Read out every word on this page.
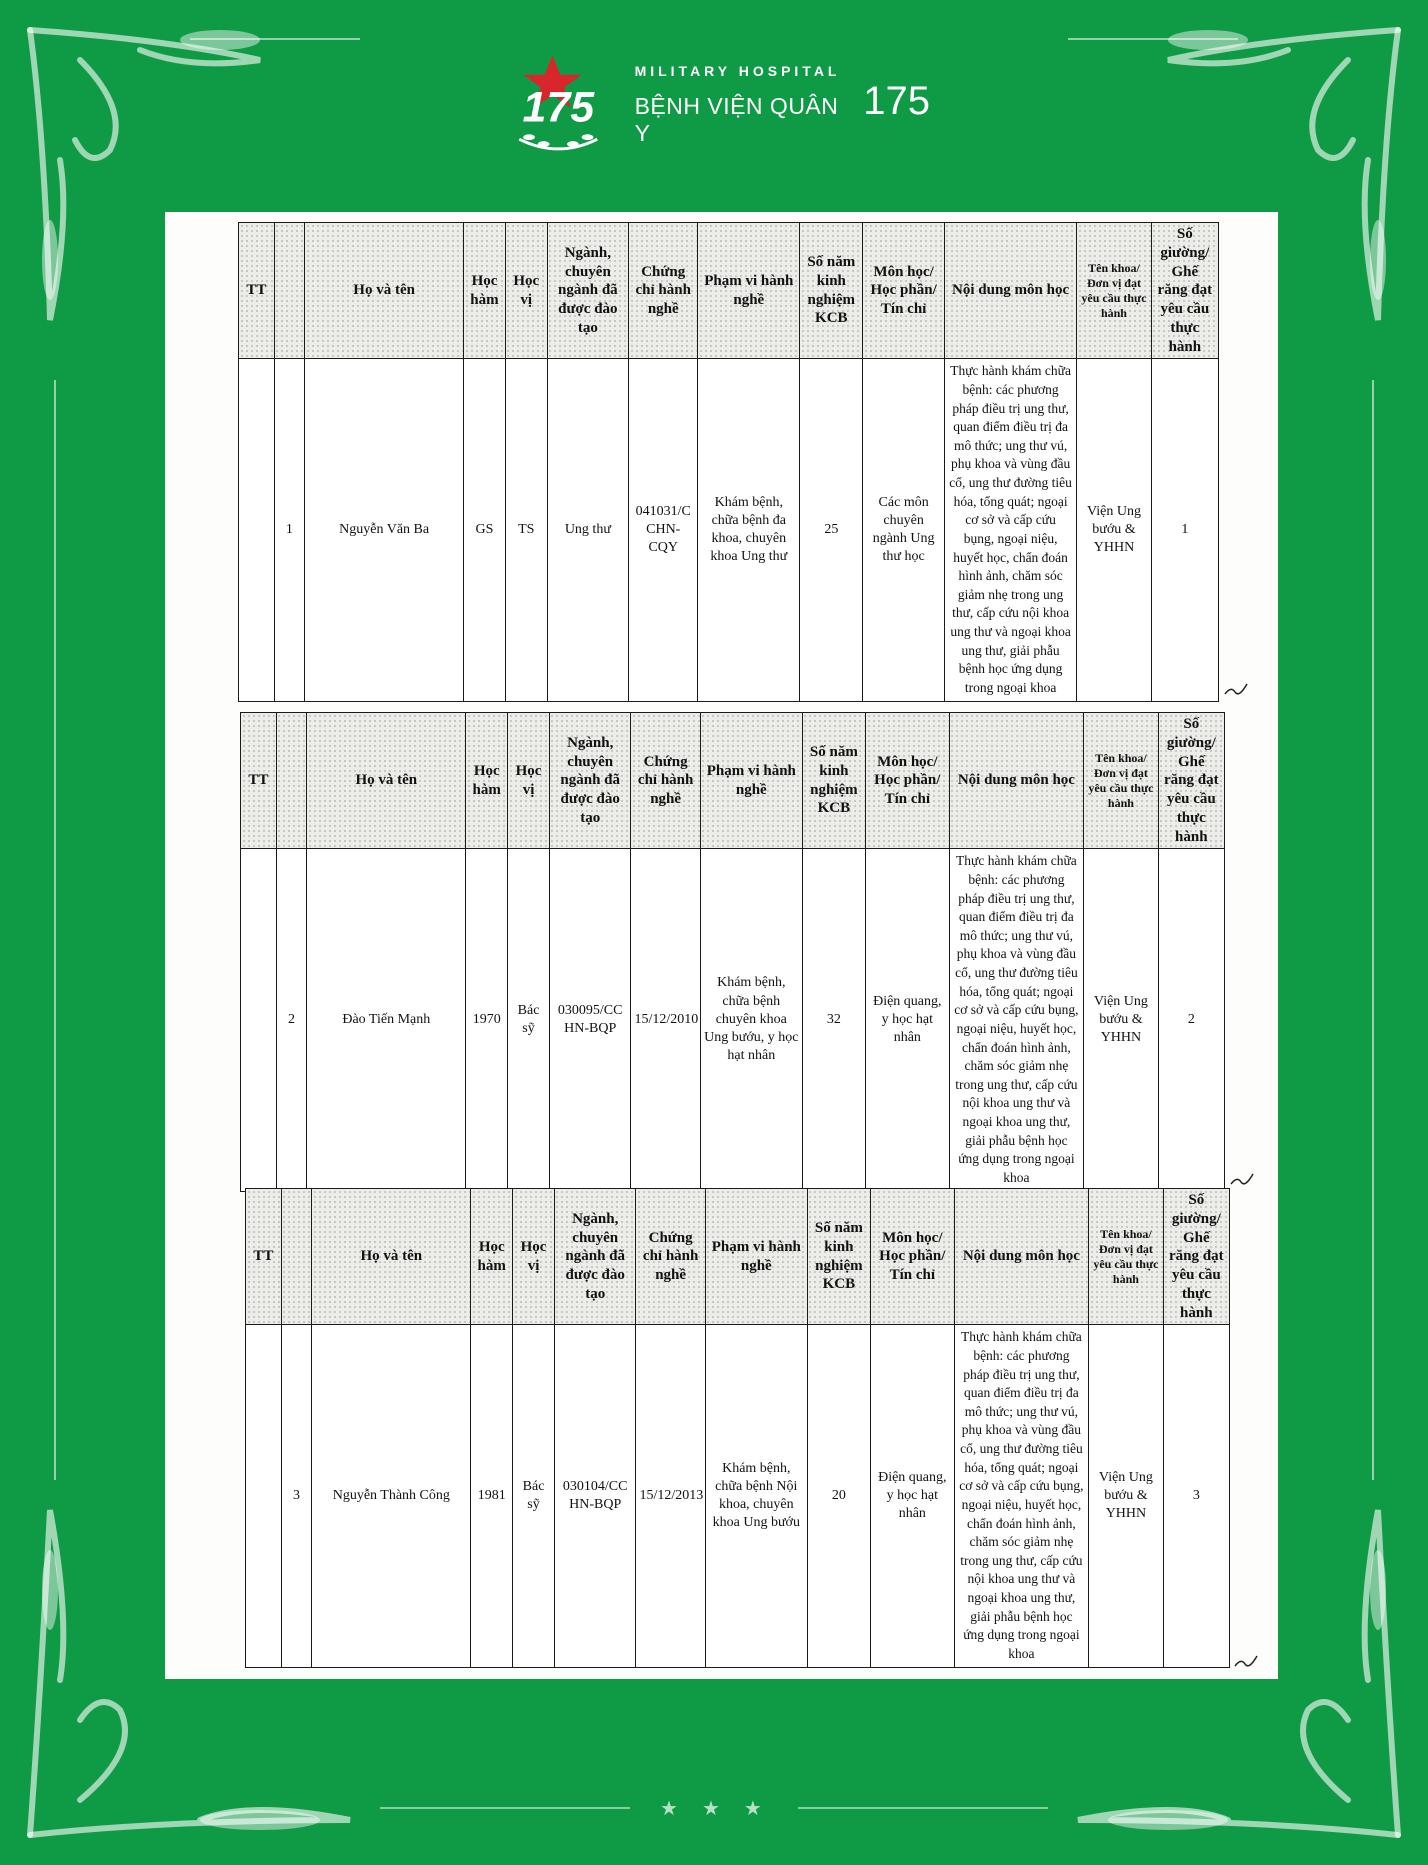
★ ★ ★
175
MILITARY HOSPITAL
BỆNH VIỆN QUÂN Y
175
TT		Họ và tên	Học hàm	Học vị	Ngành, chuyên ngành đã được đào tạo	Chứng chỉ hành nghề	Phạm vi hành nghề	Số năm kinh nghiệm KCB	Môn học/ Học phần/ Tín chỉ	Nội dung môn học	Tên khoa/ Đơn vị đạt yêu cầu thực hành	Số giường/ Ghế răng đạt yêu cầu thực hành
	1	Nguyễn Văn Ba	GS	TS	Ung thư	041031/C CHN-CQY	Khám bệnh, chữa bệnh đa khoa, chuyên khoa Ung thư	25	Các môn chuyên ngành Ung thư học	Thực hành khám chữa bệnh: các phương pháp điều trị ung thư, quan điểm điều trị đa mô thức; ung thư vú, phụ khoa và vùng đầu cổ, ung thư đường tiêu hóa, tổng quát; ngoại cơ sở và cấp cứu bụng, ngoại niệu, huyết học, chẩn đoán hình ảnh, chăm sóc giảm nhẹ trong ung thư, cấp cứu nội khoa ung thư và ngoại khoa ung thư, giải phẫu bệnh học ứng dụng trong ngoại khoa	Viện Ung bướu & YHHN	1
TT		Họ và tên	Học hàm	Học vị	Ngành, chuyên ngành đã được đào tạo	Chứng chỉ hành nghề	Phạm vi hành nghề	Số năm kinh nghiệm KCB	Môn học/ Học phần/ Tín chỉ	Nội dung môn học	Tên khoa/ Đơn vị đạt yêu cầu thực hành	Số giường/ Ghế răng đạt yêu cầu thực hành
	2	Đào Tiến Mạnh	1970	Bác sỹ	030095/CC HN-BQP	15/12/2010	Khám bệnh, chữa bệnh chuyên khoa Ung bướu, y học hạt nhân	32	Điện quang, y học hạt nhân	Thực hành khám chữa bệnh: các phương pháp điều trị ung thư, quan điểm điều trị đa mô thức; ung thư vú, phụ khoa và vùng đầu cổ, ung thư đường tiêu hóa, tổng quát; ngoại cơ sở và cấp cứu bụng, ngoại niệu, huyết học, chẩn đoán hình ảnh, chăm sóc giảm nhẹ trong ung thư, cấp cứu nội khoa ung thư và ngoại khoa ung thư, giải phẫu bệnh học ứng dụng trong ngoại khoa	Viện Ung bướu & YHHN	2
TT		Họ và tên	Học hàm	Học vị	Ngành, chuyên ngành đã được đào tạo	Chứng chỉ hành nghề	Phạm vi hành nghề	Số năm kinh nghiệm KCB	Môn học/ Học phần/ Tín chỉ	Nội dung môn học	Tên khoa/ Đơn vị đạt yêu cầu thực hành	Số giường/ Ghế răng đạt yêu cầu thực hành
	3	Nguyễn Thành Công	1981	Bác sỹ	030104/CC HN-BQP	15/12/2013	Khám bệnh, chữa bệnh Nội khoa, chuyên khoa Ung bướu	20	Điện quang, y học hạt nhân	Thực hành khám chữa bệnh: các phương pháp điều trị ung thư, quan điểm điều trị đa mô thức; ung thư vú, phụ khoa và vùng đầu cổ, ung thư đường tiêu hóa, tổng quát; ngoại cơ sở và cấp cứu bụng, ngoại niệu, huyết học, chẩn đoán hình ảnh, chăm sóc giảm nhẹ trong ung thư, cấp cứu nội khoa ung thư và ngoại khoa ung thư, giải phẫu bệnh học ứng dụng trong ngoại khoa	Viện Ung bướu & YHHN	3
